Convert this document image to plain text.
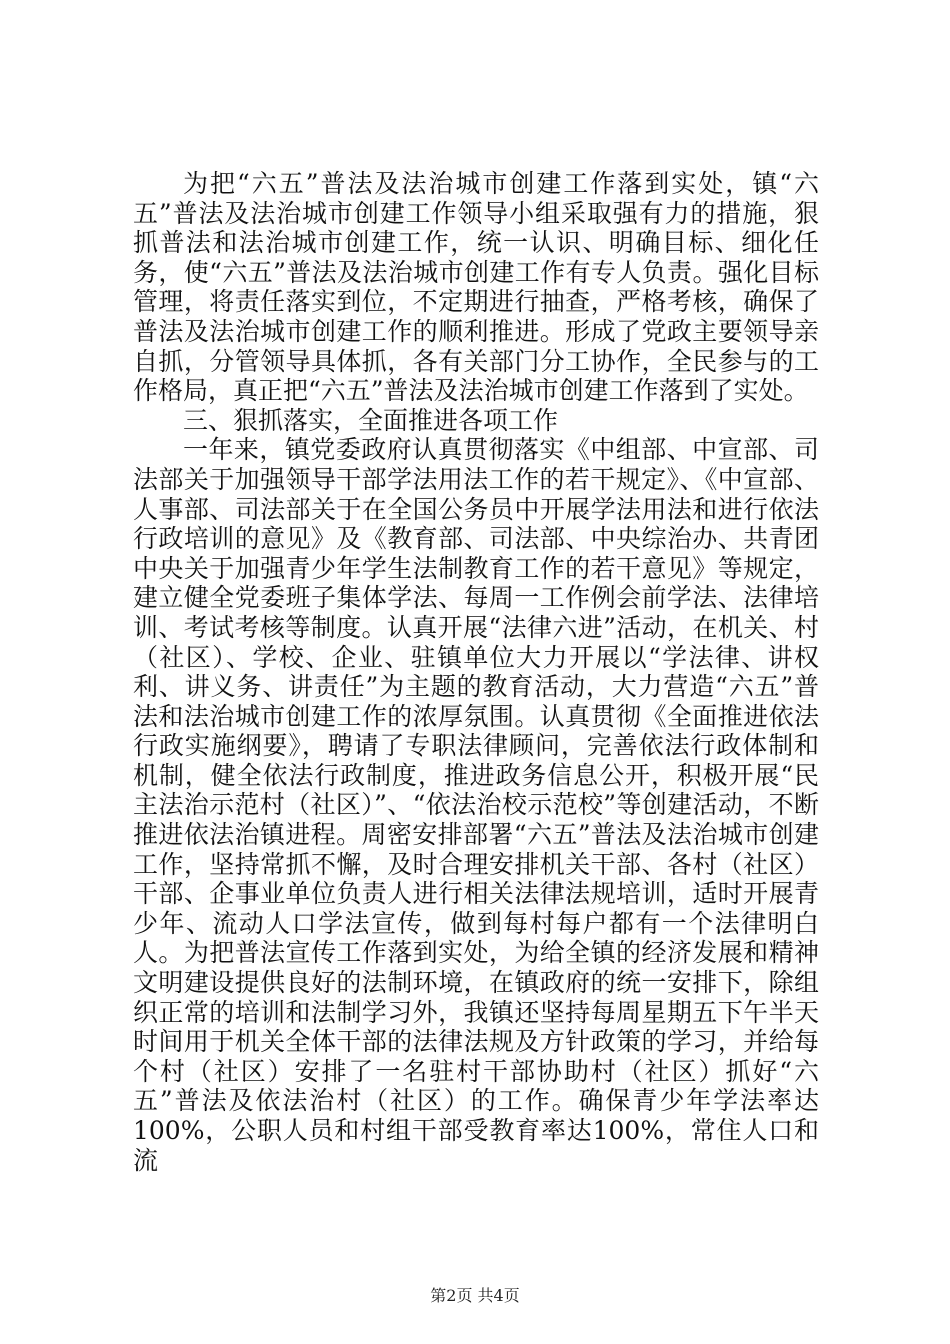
为把“六五”普法及法治城市创建工作落到实处，镇“六五”普法及法治城市创建工作领导小组采取强有力的措施，狠抓普法和法治城市创建工作，统一认识、明确目标、细化任务，使“六五”普法及法治城市创建工作有专人负责。强化目标管理，将责任落实到位，不定期进行抽查，严格考核，确保了普法及法治城市创建工作的顺利推进。形成了党政主要领导亲自抓，分管领导具体抓，各有关部门分工协作，全民参与的工作格局，真正把“六五”普法及法治城市创建工作落到了实处。

三、狠抓落实，全面推进各项工作

一年来，镇党委政府认真贯彻落实《中组部、中宣部、司法部关于加强领导干部学法用法工作的若干规定》、《中宣部、人事部、司法部关于在全国公务员中开展学法用法和进行依法行政培训的意见》及《教育部、司法部、中央综治办、共青团中央关于加强青少年学生法制教育工作的若干意见》等规定，建立健全党委班子集体学法、每周一工作例会前学法、法律培训、考试考核等制度。认真开展“法律六进”活动，在机关、村（社区）、学校、企业、驻镇单位大力开展以“学法律、讲权利、讲义务、讲责任”为主题的教育活动，大力营造“六五”普法和法治城市创建工作的浓厚氛围。认真贯彻《全面推进依法行政实施纲要》，聘请了专职法律顾问，完善依法行政体制和机制，健全依法行政制度，推进政务信息公开，积极开展“民主法治示范村（社区）”、“依法治校示范校”等创建活动，不断推进依法治镇进程。周密安排部署“六五”普法及法治城市创建工作，坚持常抓不懈，及时合理安排机关干部、各村（社区）干部、企事业单位负责人进行相关法律法规培训，适时开展青少年、流动人口学法宣传，做到每村每户都有一个法律明白人。为把普法宣传工作落到实处，为给全镇的经济发展和精神文明建设提供良好的法制环境，在镇政府的统一安排下，除组织正常的培训和法制学习外，我镇还坚持每周星期五下午半天时间用于机关全体干部的法律法规及方针政策的学习，并给每个村（社区）安排了一名驻村干部协助村（社区）抓好“六五”普法及依法治村（社区）的工作。确保青少年学法率达100%，公职人员和村组干部受教育率达100%，常住人口和流

第2页 共4页
